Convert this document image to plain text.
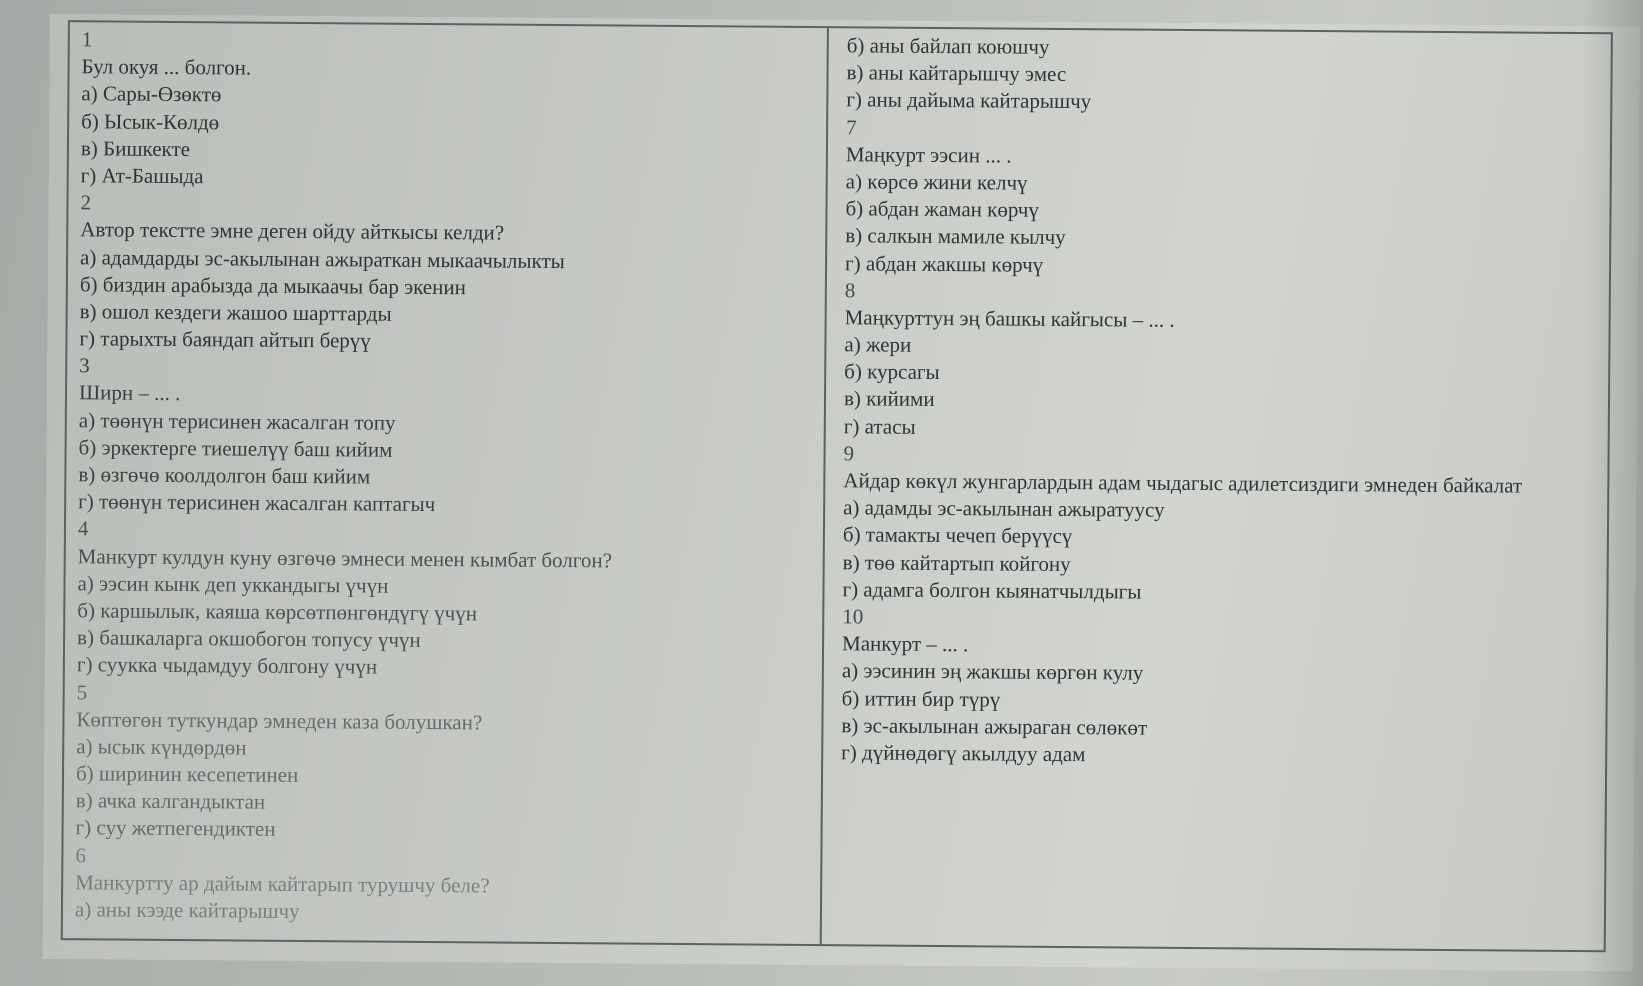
1
Бул окуя ... болгон.
а) Сары-Өзөктө
б) Ысык-Көлдө
в) Бишкекте
г) Ат-Башыда
2
Автор текстте эмне деген ойду айткысы келди?
а) адамдарды эс-акылынан ажыраткан мыкаачылыкты
б) биздин арабызда да мыкаачы бар экенин
в) ошол кездеги жашоо шарттарды
г) тарыхты баяндап айтып берүү
3
Ширн – ... .
а) төөнүн терисинен жасалган топу
б) эркектерге тиешелүү баш кийим
в) өзгөчө коолдолгон баш кийим
г) төөнүн терисинен жасалган каптагыч
4
Манкурт кулдун куну өзгөчө эмнеси менен кымбат болгон?
а) ээсин кынк деп уккандыгы үчүн
б) каршылык, каяша көрсөтпөнгөндүгү үчүн
в) башкаларга окшобогон топусу үчүн
г) суукка чыдамдуу болгону үчүн
5
Көптөгөн туткундар эмнеден каза болушкан?
а) ысык күндөрдөн
б) ширинин кесепетинен
в) ачка калгандыктан
г) суу жетпегендиктен
6
Манкуртту ар дайым кайтарып турушчу беле?
а) аны кээде кайтарышчу
б) аны байлап коюшчу
в) аны кайтарышчу эмес
г) аны дайыма кайтарышчу
7
Маңкурт ээсин ... .
а) көрсө жини келчү
б) абдан жаман көрчү
в) салкын мамиле кылчу
г) абдан жакшы көрчү
8
Маңкурттун эң башкы кайгысы – ... .
а) жери
б) курсагы
в) кийими
г) атасы
9
Айдар көкүл жунгарлардын адам чыдагыс адилетсиздиги эмнеден байкалат
а) адамды эс-акылынан ажыратуусу
б) тамакты чечеп берүүсү
в) төө кайтартып койгону
г) адамга болгон кыянатчылдыгы
10
Манкурт – ... .
а) ээсинин эң жакшы көргөн кулу
б) иттин бир түрү
в) эс-акылынан ажыраган сөлөкөт
г) дүйнөдөгү акылдуу адам
